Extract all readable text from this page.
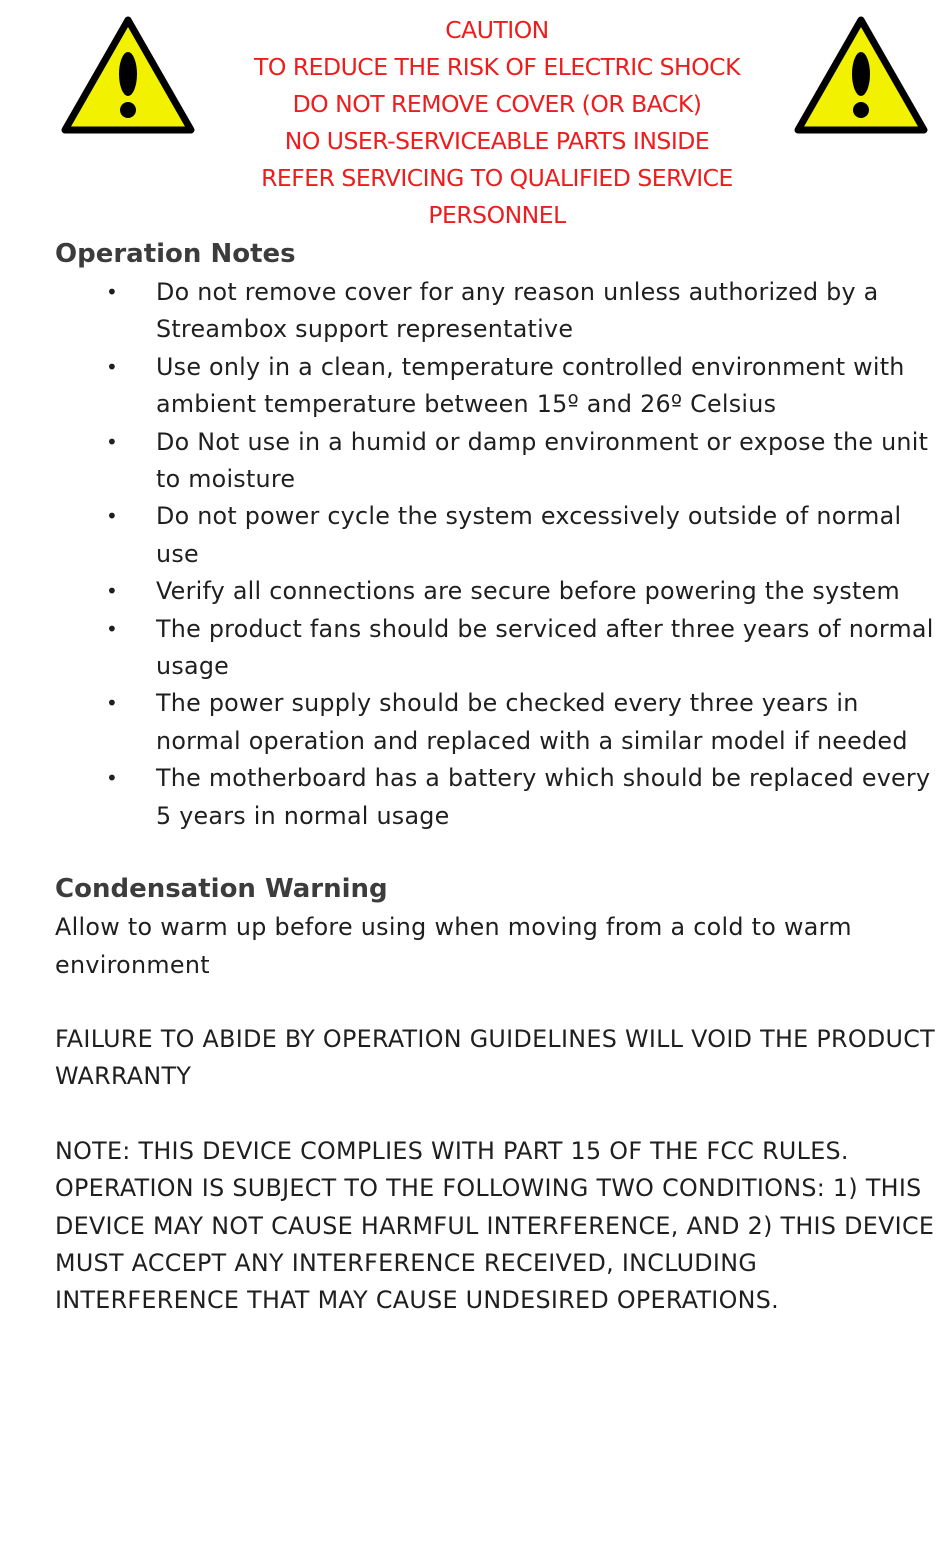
CAUTION
TO REDUCE THE RISK OF ELECTRIC SHOCK
DO NOT REMOVE COVER (OR BACK)
NO USER-SERVICEABLE PARTS INSIDE
REFER SERVICING TO QUALIFIED SERVICE
PERSONNEL
Operation Notes
• Do not remove cover for any reason unless authorized by a Streambox support representative
• Use only in a clean, temperature controlled environment with ambient temperature between 15º and 26º Celsius
• Do Not use in a humid or damp environment or expose the unit to moisture
• Do not power cycle the system excessively outside of normal use
• Verify all connections are secure before powering the system
• The product fans should be serviced after three years of normal usage
• The power supply should be checked every three years in normal operation and replaced with a similar model if needed
• The motherboard has a battery which should be replaced every 5 years in normal usage
Condensation Warning

Allow to warm up before using when moving from a cold to warm environment

FAILURE TO ABIDE BY OPERATION GUIDELINES WILL VOID THE PRODUCT WARRANTY

NOTE: THIS DEVICE COMPLIES WITH PART 15 OF THE FCC RULES. OPERATION IS SUBJECT TO THE FOLLOWING TWO CONDITIONS: 1) THIS DEVICE MAY NOT CAUSE HARMFUL INTERFERENCE, AND 2) THIS DEVICE MUST ACCEPT ANY INTERFERENCE RECEIVED, INCLUDING INTERFERENCE THAT MAY CAUSE UNDESIRED OPERATIONS.
